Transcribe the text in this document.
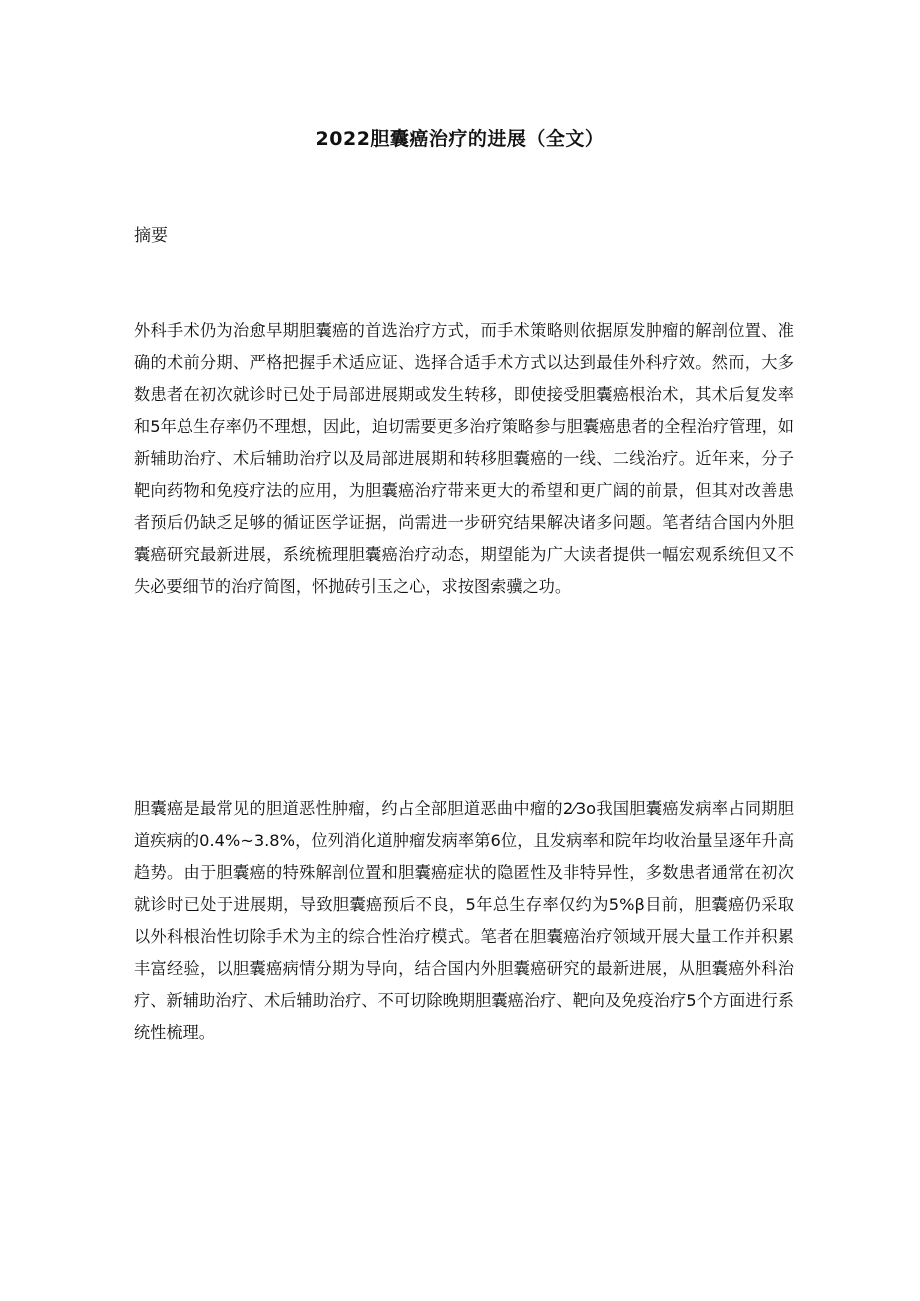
2022胆囊癌治疗的进展（全文）
摘要

外科手术仍为治愈早期胆囊癌的首选治疗方式，而手术策略则依据原发肿瘤的解剖位置、准确的术前分期、严格把握手术适应证、选择合适手术方式以达到最佳外科疗效。然而，大多数患者在初次就诊时已处于局部进展期或发生转移，即使接受胆囊癌根治术，其术后复发率和5年总生存率仍不理想，因此，迫切需要更多治疗策略参与胆囊癌患者的全程治疗管理，如新辅助治疗、术后辅助治疗以及局部进展期和转移胆囊癌的一线、二线治疗。近年来，分子靶向药物和免疫疗法的应用，为胆囊癌治疗带来更大的希望和更广阔的前景，但其对改善患者预后仍缺乏足够的循证医学证据，尚需进一步研究结果解决诸多问题。笔者结合国内外胆囊癌研究最新进展，系统梳理胆囊癌治疗动态，期望能为广大读者提供一幅宏观系统但又不失必要细节的治疗简图，怀抛砖引玉之心，求按图索骥之功。

胆囊癌是最常见的胆道恶性肿瘤，约占全部胆道恶曲中瘤的2⁄3o我国胆囊癌发病率占同期胆道疾病的0.4%~3.8%，位列消化道肿瘤发病率第6位，且发病率和院年均收治量呈逐年升高趋势。由于胆囊癌的特殊解剖位置和胆囊癌症状的隐匿性及非特异性，多数患者通常在初次就诊时已处于进展期，导致胆囊癌预后不良，5年总生存率仅约为5%β目前，胆囊癌仍采取以外科根治性切除手术为主的综合性治疗模式。笔者在胆囊癌治疗领域开展大量工作并积累丰富经验，以胆囊癌病情分期为导向，结合国内外胆囊癌研究的最新进展，从胆囊癌外科治疗、新辅助治疗、术后辅助治疗、不可切除晚期胆囊癌治疗、靶向及免疫治疗5个方面进行系统性梳理。
